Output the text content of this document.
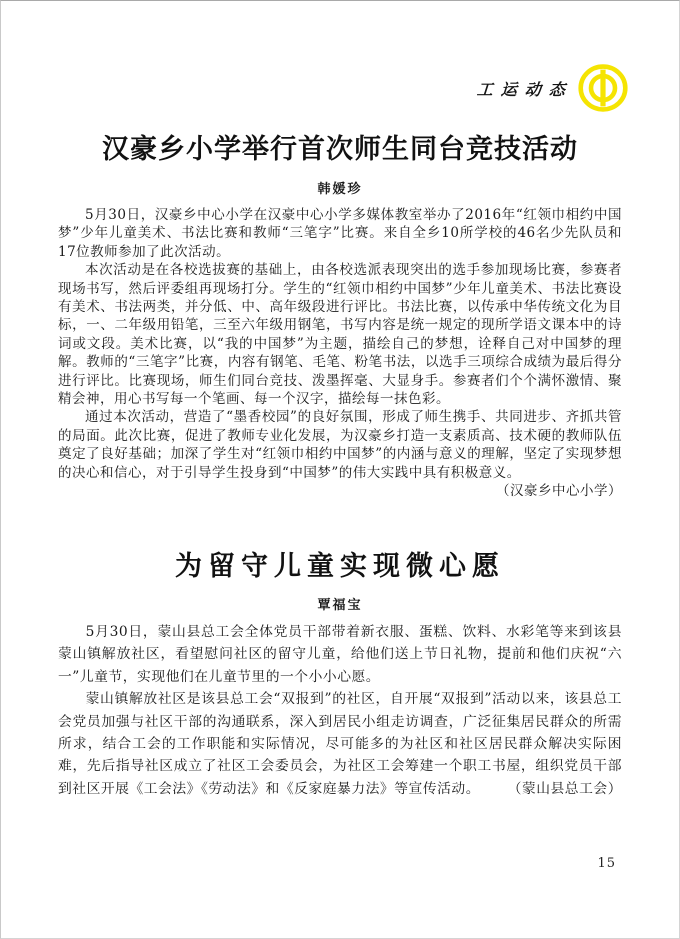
工运动态
汉豪乡小学举行首次师生同台竞技活动
韩媛珍

5月30日，汉豪乡中心小学在汉豪中心小学多媒体教室举办了2016年“红领巾相约中国梦”少年儿童美术、书法比赛和教师“三笔字”比赛。来自全乡10所学校的46名少先队员和17位教师参加了此次活动。

本次活动是在各校选拔赛的基础上，由各校选派表现突出的选手参加现场比赛，参赛者现场书写，然后评委组再现场打分。学生的“红领巾相约中国梦”少年儿童美术、书法比赛设有美术、书法两类，并分低、中、高年级段进行评比。书法比赛，以传承中华传统文化为目标，一、二年级用铅笔，三至六年级用钢笔，书写内容是统一规定的现所学语文课本中的诗词或文段。美术比赛，以“我的中国梦”为主题，描绘自己的梦想，诠释自己对中国梦的理解。教师的“三笔字”比赛，内容有钢笔、毛笔、粉笔书法，以选手三项综合成绩为最后得分进行评比。比赛现场，师生们同台竞技、泼墨挥毫、大显身手。参赛者们个个满怀激情、聚精会神，用心书写每一个笔画、每一个汉字，描绘每一抹色彩。

通过本次活动，营造了“墨香校园”的良好氛围，形成了师生携手、共同进步、齐抓共管的局面。此次比赛，促进了教师专业化发展，为汉豪乡打造一支素质高、技术硬的教师队伍奠定了良好基础；加深了学生对“红领巾相约中国梦”的内涵与意义的理解，坚定了实现梦想的决心和信心，对于引导学生投身到“中国梦”的伟大实践中具有积极意义。
（汉豪乡中心小学）

为留守儿童实现微心愿
覃福宝

5月30日，蒙山县总工会全体党员干部带着新衣服、蛋糕、饮料、水彩笔等来到该县蒙山镇解放社区，看望慰问社区的留守儿童，给他们送上节日礼物，提前和他们庆祝“六一”儿童节，实现他们在儿童节里的一个小小心愿。

蒙山镇解放社区是该县总工会“双报到”的社区，自开展“双报到”活动以来，该县总工会党员加强与社区干部的沟通联系，深入到居民小组走访调查，广泛征集居民群众的所需所求，结合工会的工作职能和实际情况，尽可能多的为社区和社区居民群众解决实际困难，先后指导社区成立了社区工会委员会，为社区工会筹建一个职工书屋，组织党员干部到社区开展《工会法》《劳动法》和《反家庭暴力法》等宣传活动。	（蒙山县总工会）

15
